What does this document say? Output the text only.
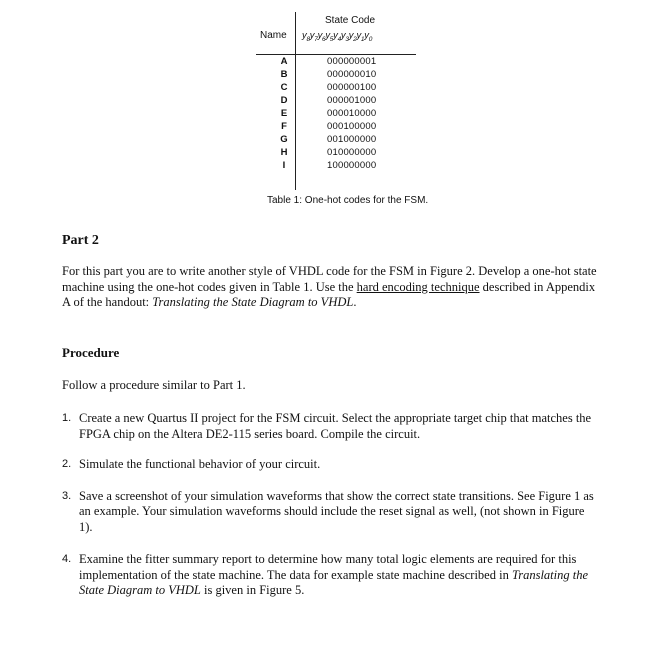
State Code
Name $y_8y_7y_6y_5y_4y_3y_2y_1y_0$
A	000000001
B	000000010
C	000000100
D	000001000
E	000010000
F	000100000
G	001000000
H	010000000
I	100000000
Table 1: One-hot codes for the FSM.
Part 2
For this part you are to write another style of VHDL code for the FSM in Figure 2. Develop a one-hot state machine using the one-hot codes given in Table 1. Use the hard encoding technique described in Appendix A of the handout: Translating the State Diagram to VHDL.
Procedure
Follow a procedure similar to Part 1.
1. Create a new Quartus II project for the FSM circuit. Select the appropriate target chip that matches the FPGA chip on the Altera DE2-115 series board. Compile the circuit.
2. Simulate the functional behavior of your circuit.
3. Save a screenshot of your simulation waveforms that show the correct state transitions. See Figure 1 as an example. Your simulation waveforms should include the reset signal as well, (not shown in Figure 1).
4. Examine the fitter summary report to determine how many total logic elements are required for this implementation of the state machine. The data for example state machine described in Translating the State Diagram to VHDL is given in Figure 5.
